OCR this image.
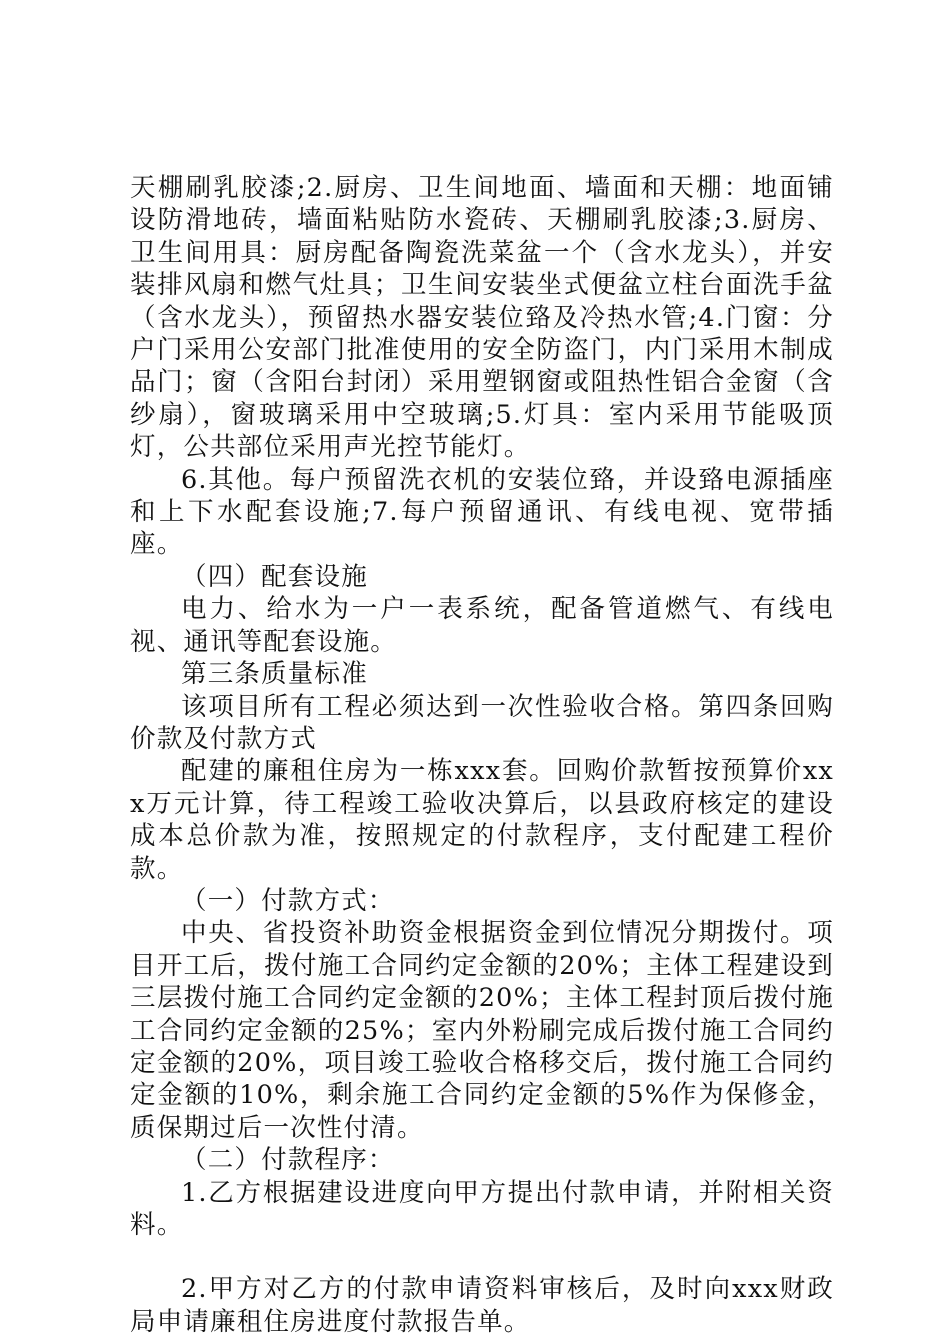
天棚刷乳胶漆;2.厨房、卫生间地面、墙面和天棚：地面铺设防滑地砖，墙面粘贴防水瓷砖、天棚刷乳胶漆;3.厨房、卫生间用具：厨房配备陶瓷洗菜盆一个（含水龙头），并安装排风扇和燃气灶具；卫生间安装坐式便盆立柱台面洗手盆（含水龙头），预留热水器安装位臵及冷热水管;4.门窗：分户门采用公安部门批准使用的安全防盗门，内门采用木制成品门；窗（含阳台封闭）采用塑钢窗或阻热性铝合金窗（含纱扇），窗玻璃采用中空玻璃;5.灯具：室内采用节能吸顶灯，公共部位采用声光控节能灯。

6.其他。每户预留洗衣机的安装位臵，并设臵电源插座和上下水配套设施;7.每户预留通讯、有线电视、宽带插座。

（四）配套设施

电力、给水为一户一表系统，配备管道燃气、有线电视、通讯等配套设施。

第三条质量标准

该项目所有工程必须达到一次性验收合格。第四条回购价款及付款方式

配建的廉租住房为一栋xxx套。回购价款暂按预算价xxx万元计算，待工程竣工验收决算后，以县政府核定的建设成本总价款为准，按照规定的付款程序，支付配建工程价款。

（一）付款方式：

中央、省投资补助资金根据资金到位情况分期拨付。项目开工后，拨付施工合同约定金额的20%；主体工程建设到三层拨付施工合同约定金额的20%；主体工程封顶后拨付施工合同约定金额的25%；室内外粉刷完成后拨付施工合同约定金额的20%，项目竣工验收合格移交后，拨付施工合同约定金额的10%，剩余施工合同约定金额的5%作为保修金，质保期过后一次性付清。

（二）付款程序：

1.乙方根据建设进度向甲方提出付款申请，并附相关资料。

2.甲方对乙方的付款申请资料审核后，及时向xxx财政局申请廉租住房进度付款报告单。
